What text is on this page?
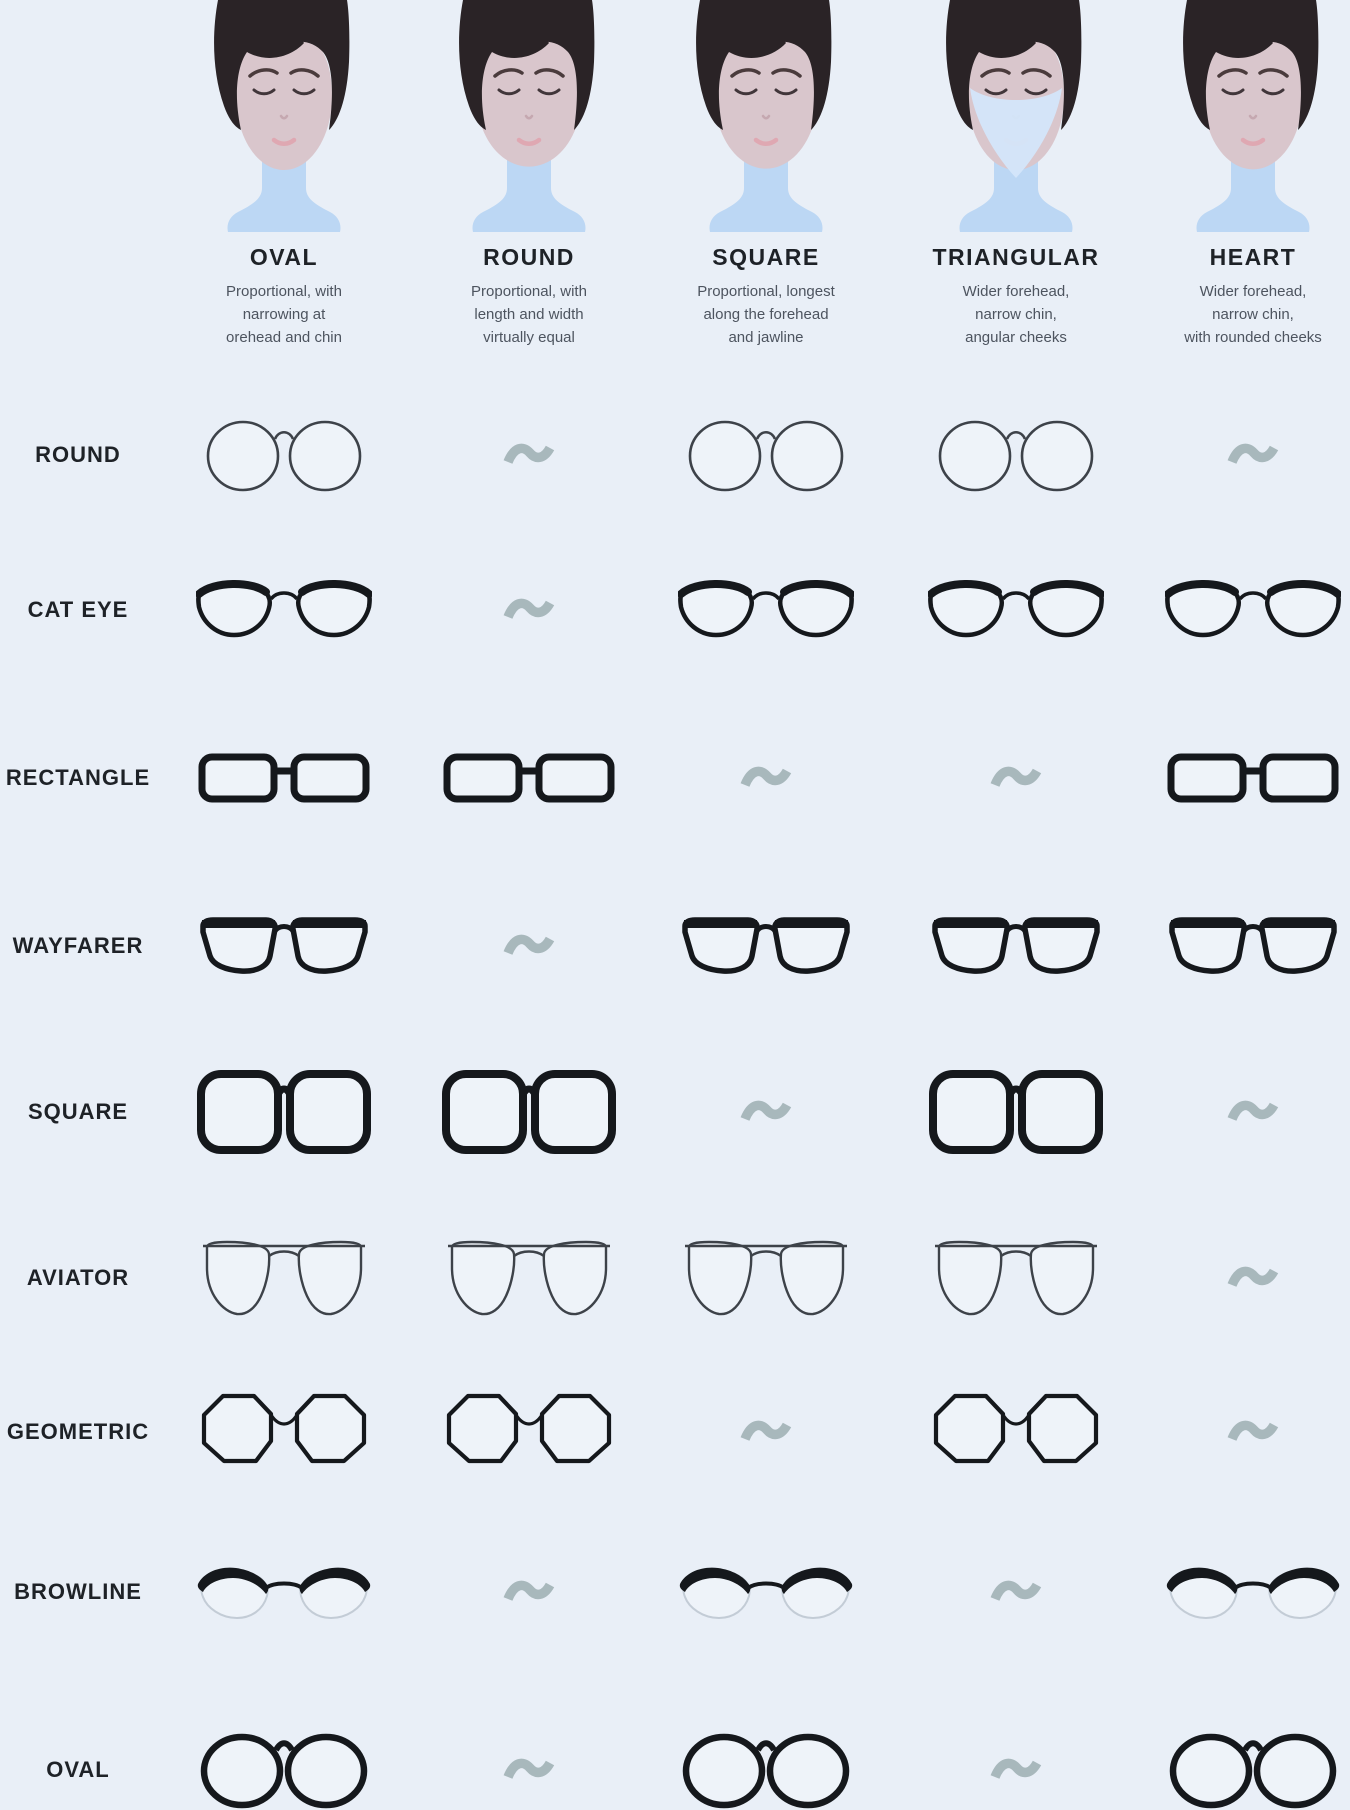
OVAL

Proportional, with
narrowing at
orehead and chin

ROUND

Proportional, with
length and width
virtually equal

SQUARE

Proportional, longest
along the forehead
and jawline

TRIANGULAR

Wider forehead,
narrow chin,
angular cheeks

HEART

Wider forehead,
narrow chin,
with rounded cheeks

ROUND
CAT EYE
RECTANGLE
WAYFARER
SQUARE
AVIATOR
GEOMETRIC
BROWLINE
OVAL
